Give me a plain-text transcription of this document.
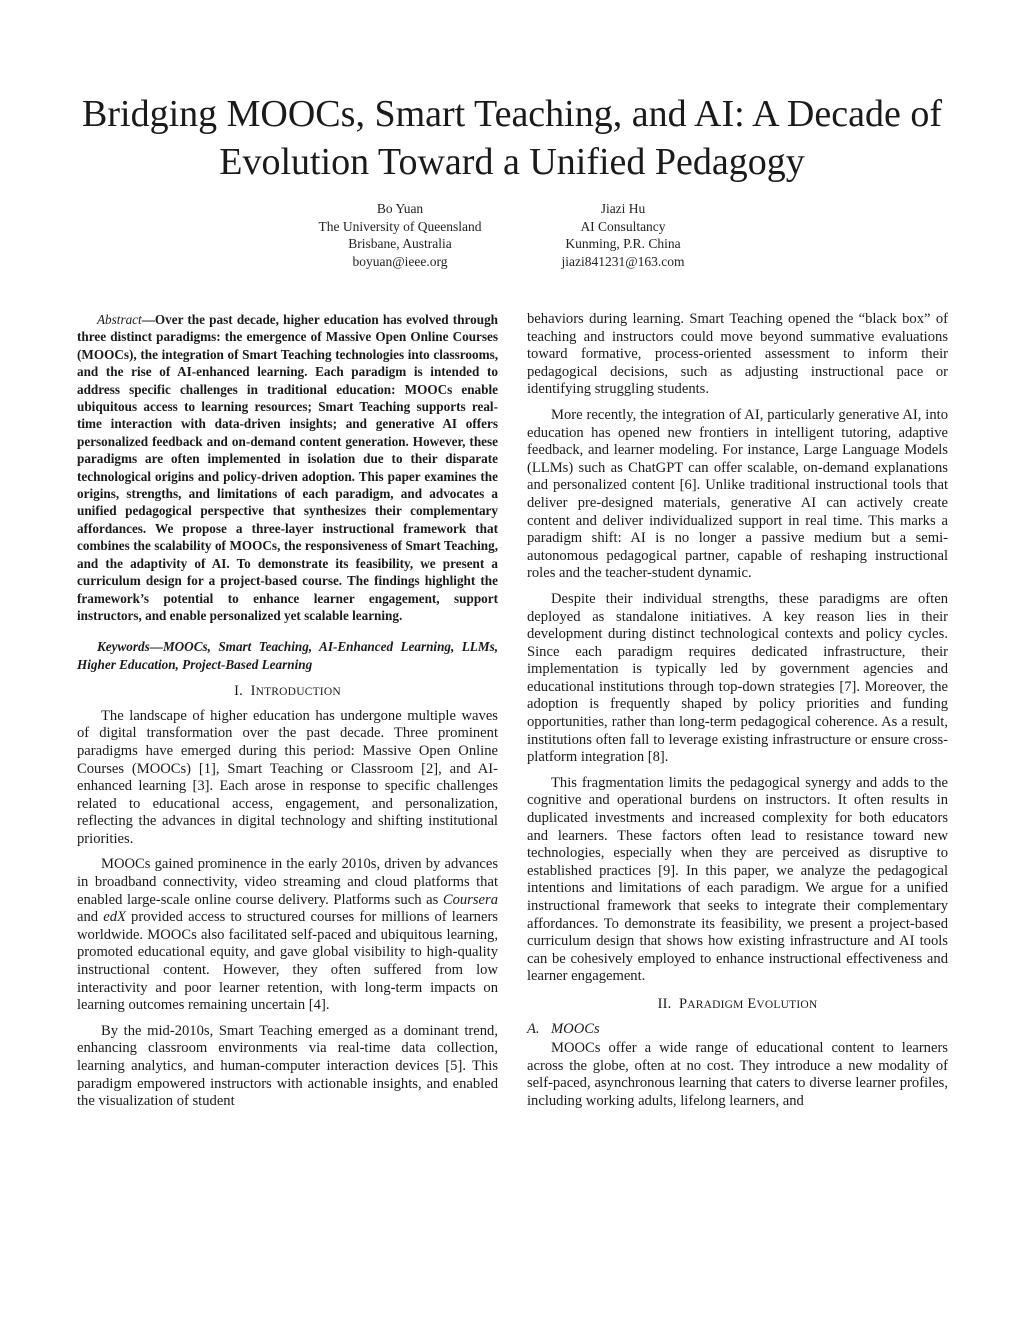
Bridging MOOCs, Smart Teaching, and AI: A Decade of Evolution Toward a Unified Pedagogy
Bo Yuan
The University of Queensland
Brisbane, Australia
boyuan@ieee.org
Jiazi Hu
AI Consultancy
Kunming, P.R. China
jiazi841231@163.com

Abstract—Over the past decade, higher education has evolved through three distinct paradigms: the emergence of Massive Open Online Courses (MOOCs), the integration of Smart Teaching technologies into classrooms, and the rise of AI-enhanced learning. Each paradigm is intended to address specific challenges in traditional education: MOOCs enable ubiquitous access to learning resources; Smart Teaching supports real-time interaction with data-driven insights; and generative AI offers personalized feedback and on-demand content generation. However, these paradigms are often implemented in isolation due to their disparate technological origins and policy-driven adoption. This paper examines the origins, strengths, and limitations of each paradigm, and advocates a unified pedagogical perspective that synthesizes their complementary affordances. We propose a three-layer instructional framework that combines the scalability of MOOCs, the responsiveness of Smart Teaching, and the adaptivity of AI. To demonstrate its feasibility, we present a curriculum design for a project-based course. The findings highlight the framework’s potential to enhance learner engagement, support instructors, and enable personalized yet scalable learning.

Keywords—MOOCs, Smart Teaching, AI-Enhanced Learning, LLMs, Higher Education, Project-Based Learning

I. INTRODUCTION

The landscape of higher education has undergone multiple waves of digital transformation over the past decade. Three prominent paradigms have emerged during this period: Massive Open Online Courses (MOOCs) [1], Smart Teaching or Classroom [2], and AI-enhanced learning [3]. Each arose in response to specific challenges related to educational access, engagement, and personalization, reflecting the advances in digital technology and shifting institutional priorities.

MOOCs gained prominence in the early 2010s, driven by advances in broadband connectivity, video streaming and cloud platforms that enabled large-scale online course delivery. Platforms such as Coursera and edX provided access to structured courses for millions of learners worldwide. MOOCs also facilitated self-paced and ubiquitous learning, promoted educational equity, and gave global visibility to high-quality instructional content. However, they often suffered from low interactivity and poor learner retention, with long-term impacts on learning outcomes remaining uncertain [4].

By the mid-2010s, Smart Teaching emerged as a dominant trend, enhancing classroom environments via real-time data collection, learning analytics, and human-computer interaction devices [5]. This paradigm empowered instructors with actionable insights, and enabled the visualization of student

behaviors during learning. Smart Teaching opened the “black box” of teaching and instructors could move beyond summative evaluations toward formative, process-oriented assessment to inform their pedagogical decisions, such as adjusting instructional pace or identifying struggling students.

More recently, the integration of AI, particularly generative AI, into education has opened new frontiers in intelligent tutoring, adaptive feedback, and learner modeling. For instance, Large Language Models (LLMs) such as ChatGPT can offer scalable, on-demand explanations and personalized content [6]. Unlike traditional instructional tools that deliver pre-designed materials, generative AI can actively create content and deliver individualized support in real time. This marks a paradigm shift: AI is no longer a passive medium but a semi-autonomous pedagogical partner, capable of reshaping instructional roles and the teacher-student dynamic.

Despite their individual strengths, these paradigms are often deployed as standalone initiatives. A key reason lies in their development during distinct technological contexts and policy cycles. Since each paradigm requires dedicated infrastructure, their implementation is typically led by government agencies and educational institutions through top-down strategies [7]. Moreover, the adoption is frequently shaped by policy priorities and funding opportunities, rather than long-term pedagogical coherence. As a result, institutions often fall to leverage existing infrastructure or ensure cross-platform integration [8].

This fragmentation limits the pedagogical synergy and adds to the cognitive and operational burdens on instructors. It often results in duplicated investments and increased complexity for both educators and learners. These factors often lead to resistance toward new technologies, especially when they are perceived as disruptive to established practices [9]. In this paper, we analyze the pedagogical intentions and limitations of each paradigm. We argue for a unified instructional framework that seeks to integrate their complementary affordances. To demonstrate its feasibility, we present a project-based curriculum design that shows how existing infrastructure and AI tools can be cohesively employed to enhance instructional effectiveness and learner engagement.

II. PARADIGM EVOLUTION
A. MOOCs

MOOCs offer a wide range of educational content to learners across the globe, often at no cost. They introduce a new modality of self-paced, asynchronous learning that caters to diverse learner profiles, including working adults, lifelong learners, and
